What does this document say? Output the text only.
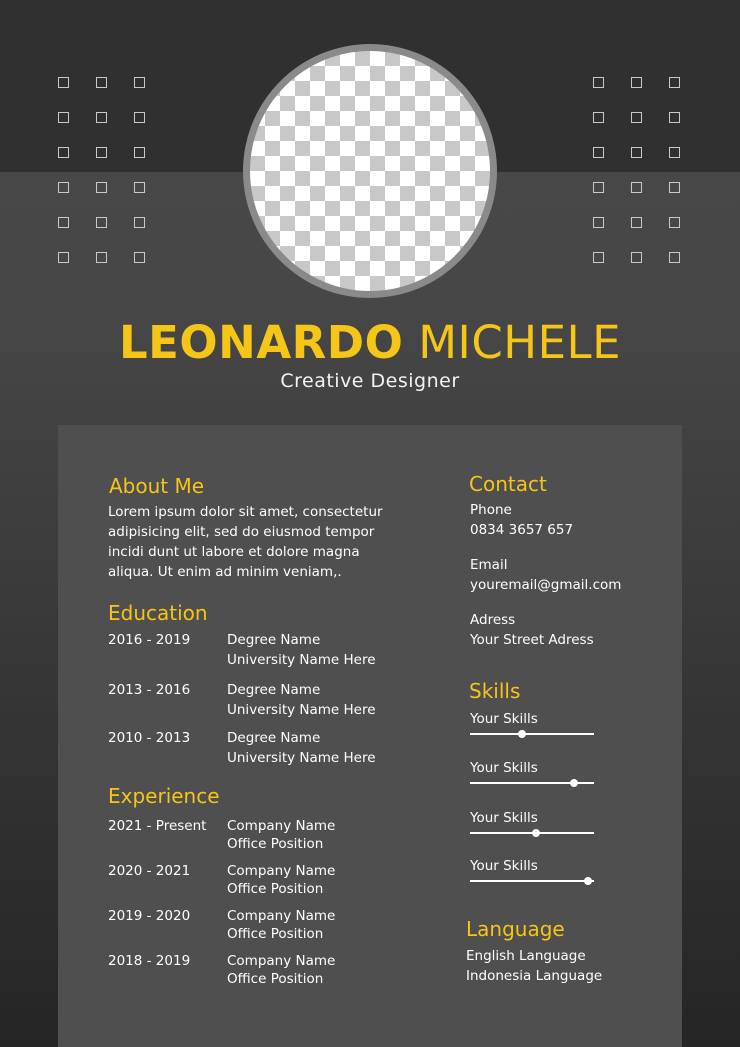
LEONARDO MICHELE
Creative Designer
About Me
Lorem ipsum dolor sit amet, consectetur
adipisicing elit, sed do eiusmod tempor
incidi dunt ut labore et dolore magna
aliqua. Ut enim ad minim veniam,.
Education
2016 - 2019	Degree Name
University Name Here
2013 - 2016	Degree Name
University Name Here
2010 - 2013	Degree Name
University Name Here
Experience
2021 - Present Company Name
Office Position
2020 - 2021	Company Name
Office Position
2019 - 2020	Company Name
Office Position
2018 - 2019	Company Name
Office Position
Contact
Phone
0834 3657 657
Email
youremail@gmail.com
Adress
Your Street Adress
Skills
Your Skills
Your Skills
Your Skills
Your Skills
Language
English Language
Indonesia Language
